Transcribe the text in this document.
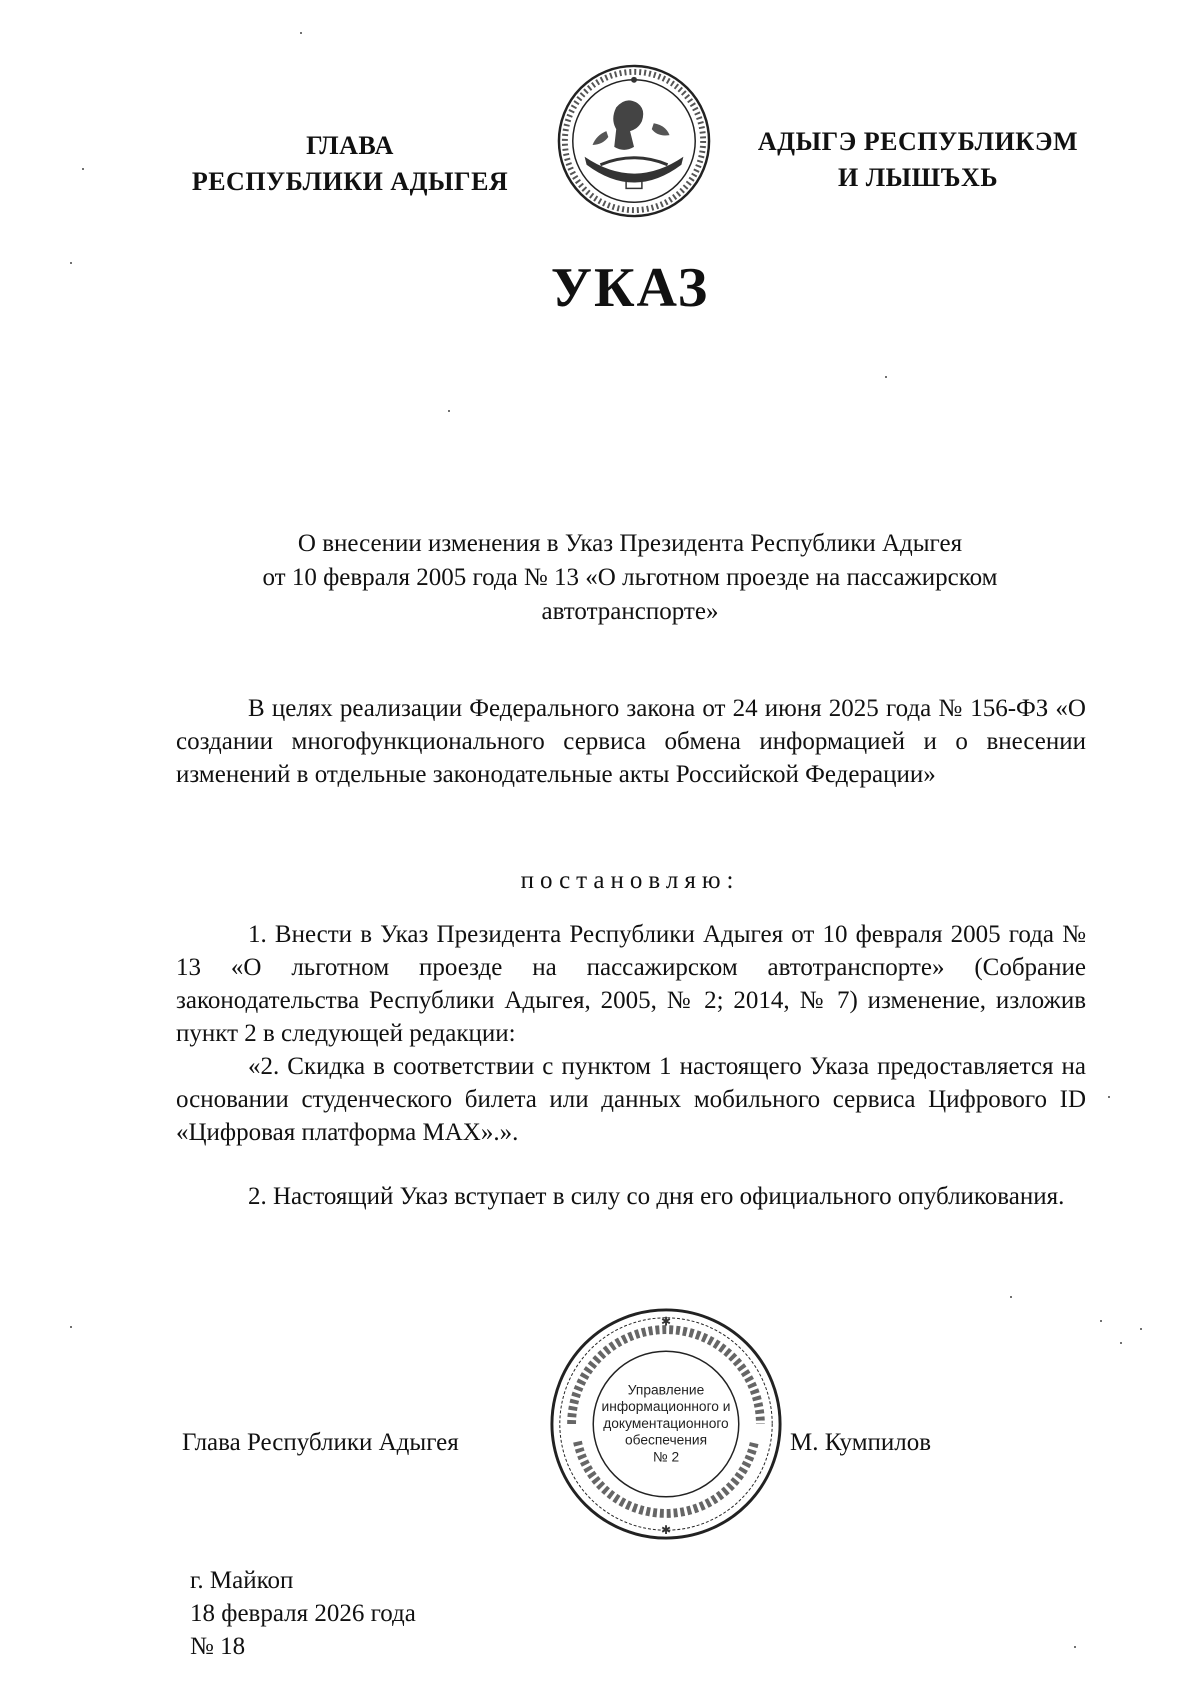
ГЛАВА
РЕСПУБЛИКИ АДЫГЕЯ
АДЫГЭ РЕСПУБЛИКЭМ
И ЛЫШЪХЬ
УКАЗ
О внесении изменения в Указ Президента Республики Адыгея
от 10 февраля 2005 года № 13 «О льготном проезде на пассажирском
автотранспорте»

В целях реализации Федерального закона от 24 июня 2025 года № 156-ФЗ «О создании многофункционального сервиса обмена информацией и о внесении изменений в отдельные законодательные акты Российской Федерации»

постановляю:

1. Внести в Указ Президента Республики Адыгея от 10 февраля 2005 года № 13 «О льготном проезде на пассажирском автотранспорте» (Собрание законодательства Республики Адыгея, 2005, № 2; 2014, № 7) изменение, изложив пункт 2 в следующей редакции:

«2. Скидка в соответствии с пунктом 1 настоящего Указа предоставляется на основании студенческого билета или данных мобильного сервиса Цифрового ID «Цифровая платформа MAX».».

2. Настоящий Указ вступает в силу со дня его официального опубликования.

Глава Республики Адыгея
✱
✱
Управление
информационного и
документационного
обеспечения
№ 2
М. Кумпилов
г. Майкоп
18 февраля 2026 года
№ 18
